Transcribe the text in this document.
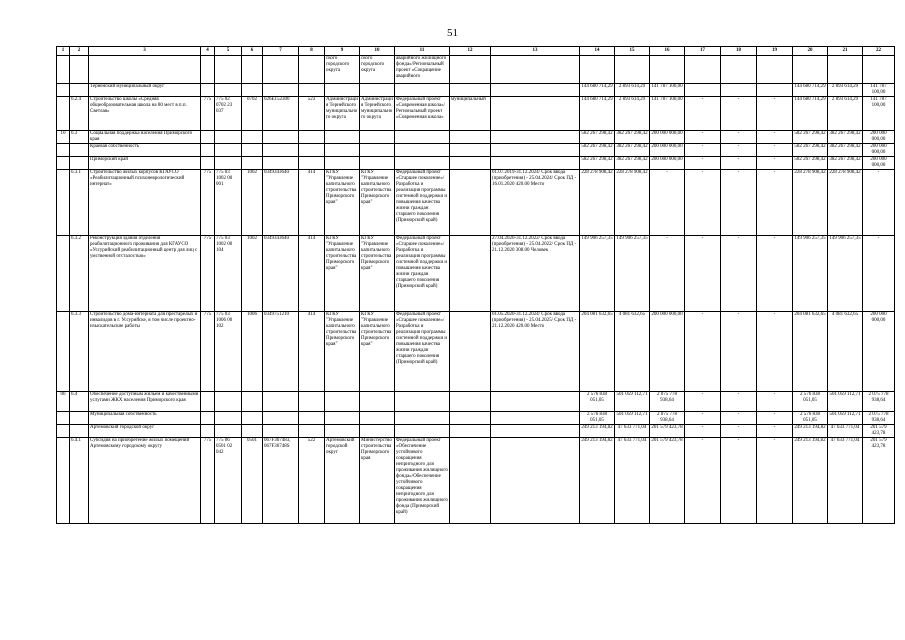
51
1	2	3	4	5	6	7	8	9	10	11	12	13	14	15	16	17	18	19	20	21	22
								ского городского округа	ского городского округа	аварийного жилищного фонда»/Региональный проект «Сокращение аварийного											
		Терненский муниципальный округ											144 680 714,29	2 893 614,29	141 787 100,00				144 680 714,29	2 893 614,29	141 787 100,00
	6.2.4	Строительство школы «Средняя общеобразовательная школа на 80 мест в п.п. Светлая»	775	775 02 0702 23 037	0702	026Е152300	523	Администрация Тернейского муниципального округа	Администрация Тернейского муниципального округа	Федеральный проект «Современная школа»/Региональный проект «Современная школа»	муниципальный		144 680 714,29	2 893 614,29	141 787 100,00	-	-	-	144 680 714,29	2 893 614,29	141 787 100,00
10	6.3	Социальная поддержка населения Приморского края											582 267 298,42	382 267 298,42	200 000 000,00	-	-	-	582 267 298,42	382 267 298,42	200 000 000,00
		Краевая собственность											582 267 298,42	382 267 298,42	200 000 000,00	-	-	-	582 267 298,42	382 267 298,42	200 000 000,00
		Приморский край											582 267 298,42	382 267 298,42	200 000 000,00	-	-	-	582 267 298,42	382 267 298,42	200 000 000,00
	6.3.1	Строительство жилых корпусов КГАУСО «Реабилитационный психоневрологический интернат»	775	775 03 1002 00 001	1002	0349343640	414	КГКУ "Управление капитального строительства Приморского края"	КГКУ "Управление капитального строительства Приморского края"	Федеральный проект «Старшее поколение»/Разработка и реализация программы системной поддержки и повышения качества жизни граждан старшего поколения (Приморский край)		01.07.2019-31.12.2024/ Срок ввода (приобретения) - 25.04.2024/ Срок ПД - 16.01.2020 420.00 Место	228 278 908,42	228 278 908,42	-	-	-	-	228 278 908,42	228 278 908,42	-
	6.3.2	Реконструкция здания отделения реабилитационного проживания для КГАУСО «Уссурийский реабилитационный центр для лиц с умственной отсталостью»	775	775 03 1002 00 104	1002	0349343640	414	КГКУ "Управление капитального строительства Приморского края"	КГКУ "Управление капитального строительства Приморского края"	Федеральный проект «Старшее поколение»/Разработка и реализация программы системной поддержки и повышения качества жизни граждан старшего поколения (Приморский край)		27.04.2020-31.12.2022/ Срок ввода (приобретения) - 25.04.2022/ Срок ПД - 21.12.2020 308.00 Человек	149 906 257,35	149 906 257,35	-	-	-	-	149 906 257,35	149 906 257,35	-
	6.3.3	Строительство дома-интерната для престарелых и инвалидов в г. Уссурийске, в том числе проектно-изыскательские работы	775	775 03 1006 00 102	1006	0349751210	414	КГКУ "Управление капитального строительства Приморского края"	КГКУ "Управление капитального строительства Приморского края"	Федеральный проект «Старшее поколение»/Разработка и реализация программы системной поддержки и повышения качества жизни граждан старшего поколения (Приморский край)		01.05.2020-31.12.2024/ Срок ввода (приобретения) - 25.04.2025/ Срок ПД - 21.12.2020 420.00 Место	204 081 632,65	4 081 632,65	200 000 000,00	-	-	-	204 081 632,65	4 081 632,65	200 000 000,00
06	6.4	Обеспечение доступным жильем и качественными услугами ЖКХ населения Приморского края											2 576 838 051,05	501 059 112,71	2 075 778 938,64	-	-	-	2 576 838 051,05	501 059 112,71	2 075 778 938,64
		Муниципальная собственность											2 576 838 051,05	501 059 112,71	2 075 778 938,64	-	-	-	2 576 838 051,05	501 059 112,71	2 075 778 938,64
		Артемовский городской округ											249 213 194,82	47 633 771,04	201 579 423,78	-	-	-	249 213 194,82	47 633 771,04	201 579 423,78
	6.4.1	Субсидия на приобретение жилых помещений Артемовскому городскому округу	775	775 06 0501 02 042	0501	067F367483, 067F36748S	522	Артемовский городской округ	Министерство строительства Приморского края	Федеральный проект «Обеспечение устойчивого сокращения непригодного для проживания жилищного фонда»/Обеспечение устойчивого сокращения непригодного для проживания жилищного фонда (Приморский край)			249 213 194,82	47 633 771,04	201 579 423,78	-	-	-	249 213 194,82	47 633 771,04	201 579 423,78
